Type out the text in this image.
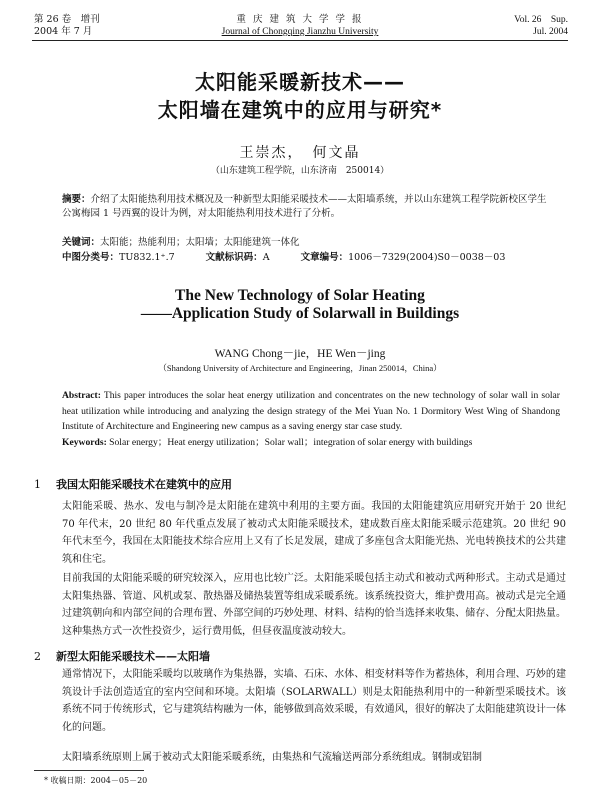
第 26 卷　增刊
2004 年 7 月
重 庆 建 筑 大 学 学 报
Journal of Chongqing Jianzhu University
Vol. 26　Sup.
Jul. 2004
太阳能采暖新技术——
太阳墙在建筑中的应用与研究*
王崇杰，　何文晶
（山东建筑工程学院，山东济南　250014）
摘要：介绍了太阳能热利用技术概况及一种新型太阳能采暖技术——太阳墙系统，并以山东建筑工程学院新校区学生公寓梅园 1 号西翼的设计为例，对太阳能热利用技术进行了分析。
关键词：太阳能；热能利用；太阳墙；太阳能建筑一体化
中图分类号：TU832.1⁺.7	文献标识码：A	文章编号：1006－7329(2004)S0－0038－03
The New Technology of Solar Heating
——Application Study of Solarwall in Buildings
WANG Chong－jie，HE Wen－jing
（Shandong University of Architecture and Engineering，Jinan 250014，China）
Abstract: This paper introduces the solar heat energy utilization and concentrates on the new technology of solar wall in solar heat utilization while introducing and analyzing the design strategy of the Mei Yuan No. 1 Dormitory West Wing of Shandong Institute of Architecture and Engineering new campus as a saving energy star case study.
Keywords: Solar energy；Heat energy utilization；Solar wall；integration of solar energy with buildings
1 我国太阳能采暖技术在建筑中的应用
太阳能采暖、热水、发电与制冷是太阳能在建筑中利用的主要方面。我国的太阳能建筑应用研究开始于 20 世纪 70 年代末，20 世纪 80 年代重点发展了被动式太阳能采暖技术，建成数百座太阳能采暖示范建筑。20 世纪 90 年代末至今，我国在太阳能技术综合应用上又有了长足发展，建成了多座包含太阳能光热、光电转换技术的公共建筑和住宅。
目前我国的太阳能采暖的研究较深入，应用也比较广泛。太阳能采暖包括主动式和被动式两种形式。主动式是通过太阳集热器、管道、风机或泵、散热器及储热装置等组成采暖系统。该系统投资大，维护费用高。被动式是完全通过建筑朝向和内部空间的合理布置、外部空间的巧妙处理、材料、结构的恰当选择来收集、储存、分配太阳热量。这种集热方式一次性投资少，运行费用低，但昼夜温度波动较大。
2 新型太阳能采暖技术——太阳墙
通常情况下，太阳能采暖均以玻璃作为集热器，实墙、石床、水体、相变材料等作为蓄热体，利用合理、巧妙的建筑设计手法创造适宜的室内空间和环境。太阳墙（SOLARWALL）则是太阳能热利用中的一种新型采暖技术。该系统不同于传统形式，它与建筑结构融为一体，能够做到高效采暖，有效通风，很好的解决了太阳能建筑设计一体化的问题。
太阳墙系统原则上属于被动式太阳能采暖系统，由集热和气流输送两部分系统组成。钢制或铝制
* 收稿日期：2004－05－20
